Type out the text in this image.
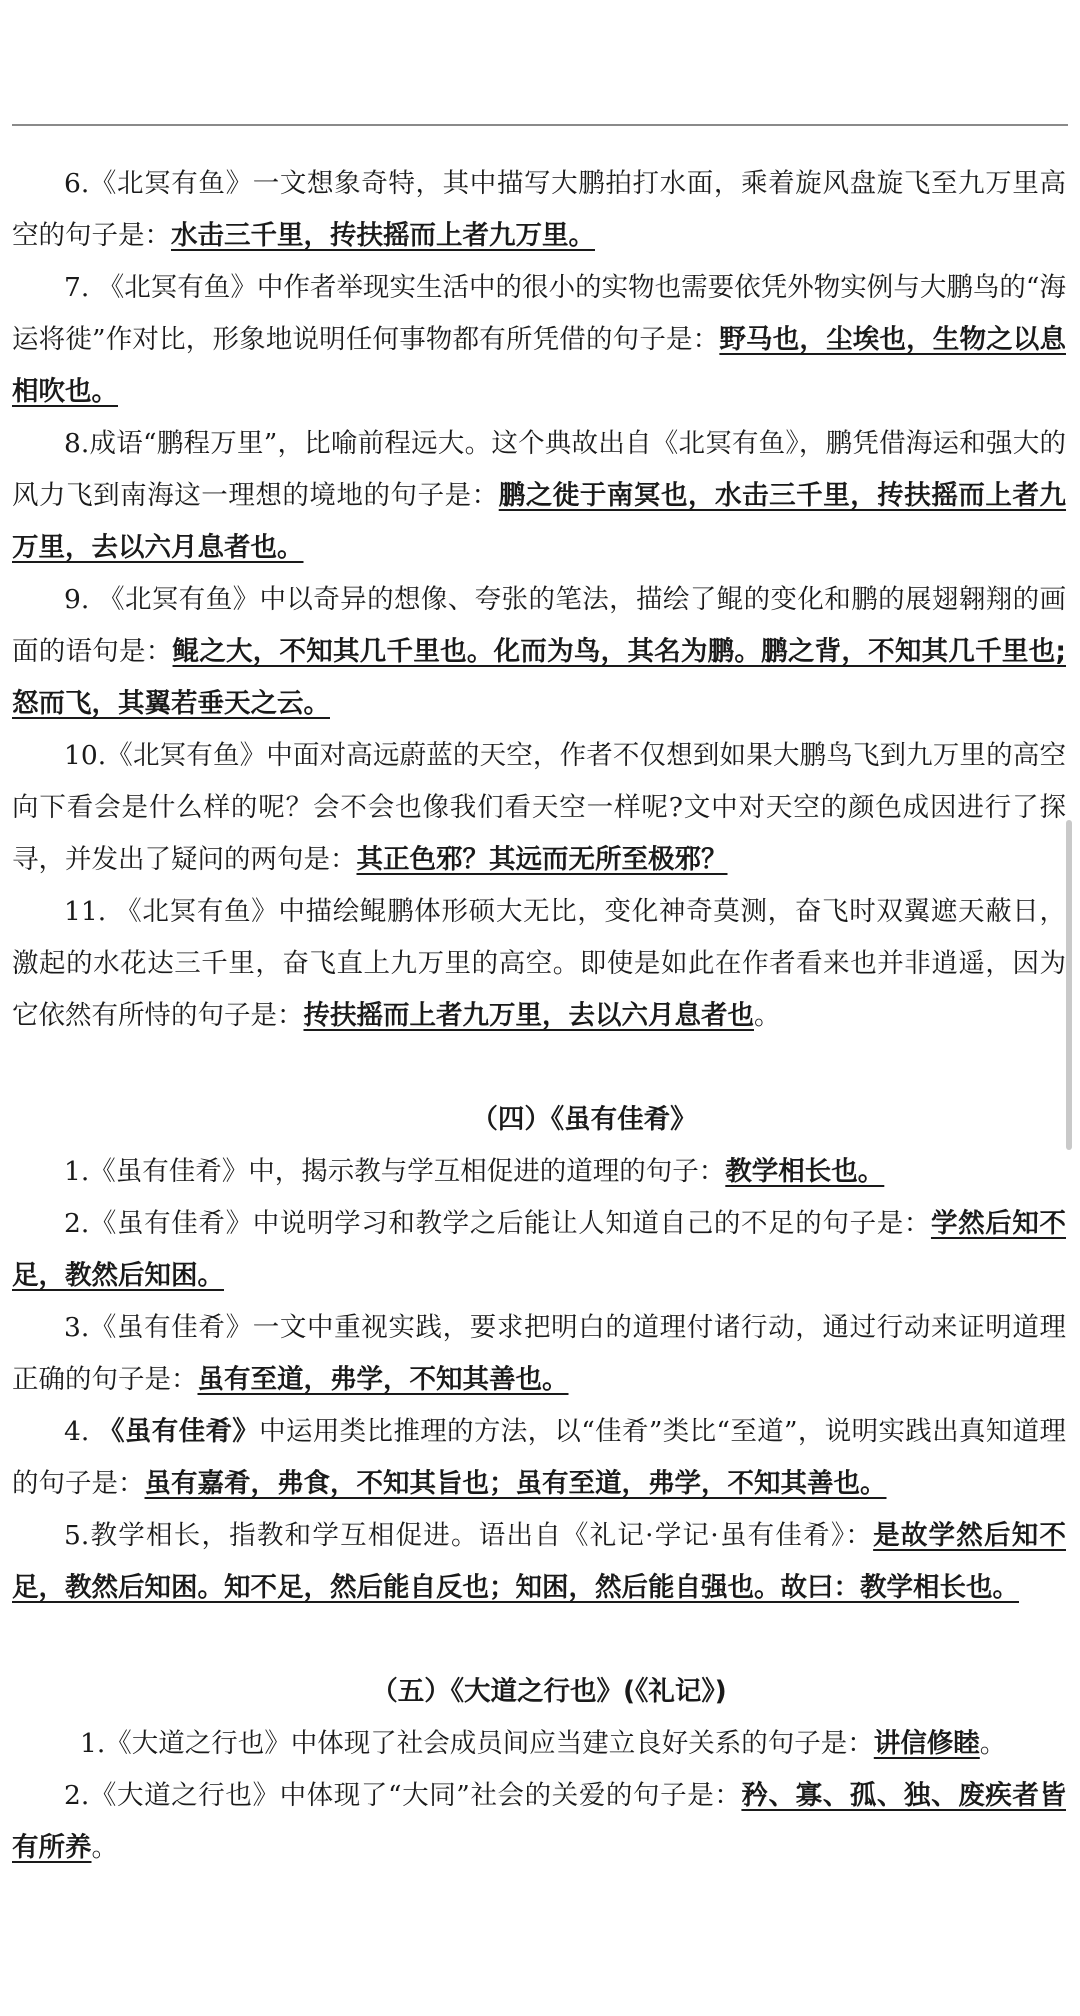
6.《北冥有鱼》一文想象奇特，其中描写大鹏拍打水面，乘着旋风盘旋飞至九万里高空的句子是：水击三千里，抟扶摇而上者九万里。

7. 《北冥有鱼》中作者举现实生活中的很小的实物也需要依凭外物实例与大鹏鸟的“海运将徙”作对比，形象地说明任何事物都有所凭借的句子是：野马也，尘埃也，生物之以息相吹也。

8.成语“鹏程万里”，比喻前程远大。这个典故出自《北冥有鱼》，鹏凭借海运和强大的风力飞到南海这一理想的境地的句子是：鹏之徙于南冥也，水击三千里，抟扶摇而上者九万里，去以六月息者也。

9. 《北冥有鱼》中以奇异的想像、夸张的笔法，描绘了鲲的变化和鹏的展翅翱翔的画面的语句是：鲲之大，不知其几千里也。化而为鸟，其名为鹏。鹏之背，不知其几千里也;怒而飞，其翼若垂天之云。

10.《北冥有鱼》中面对高远蔚蓝的天空，作者不仅想到如果大鹏鸟飞到九万里的高空向下看会是什么样的呢？会不会也像我们看天空一样呢?文中对天空的颜色成因进行了探寻，并发出了疑问的两句是：其正色邪？其远而无所至极邪？

11. 《北冥有鱼》中描绘鲲鹏体形硕大无比，变化神奇莫测，奋飞时双翼遮天蔽日，激起的水花达三千里，奋飞直上九万里的高空。即使是如此在作者看来也并非逍遥，因为它依然有所恃的句子是：抟扶摇而上者九万里，去以六月息者也。

（四）《虽有佳肴》

1.《虽有佳肴》中，揭示教与学互相促进的道理的句子：教学相长也。

2.《虽有佳肴》中说明学习和教学之后能让人知道自己的不足的句子是：学然后知不足，教然后知困。

3.《虽有佳肴》一文中重视实践，要求把明白的道理付诸行动，通过行动来证明道理正确的句子是：虽有至道，弗学，不知其善也。

4. 《虽有佳肴》中运用类比推理的方法，以“佳肴”类比“至道”，说明实践出真知道理的句子是：虽有嘉肴，弗食，不知其旨也；虽有至道，弗学，不知其善也。

5.教学相长，指教和学互相促进。语出自《礼记·学记·虽有佳肴》：是故学然后知不足，教然后知困。知不足，然后能自反也；知困，然后能自强也。故曰：教学相长也。

（五）《大道之行也》(《礼记》)

1.《大道之行也》中体现了社会成员间应当建立良好关系的句子是：讲信修睦。

2.《大道之行也》中体现了“大同”社会的关爱的句子是：矜、寡、孤、独、废疾者皆有所养。
